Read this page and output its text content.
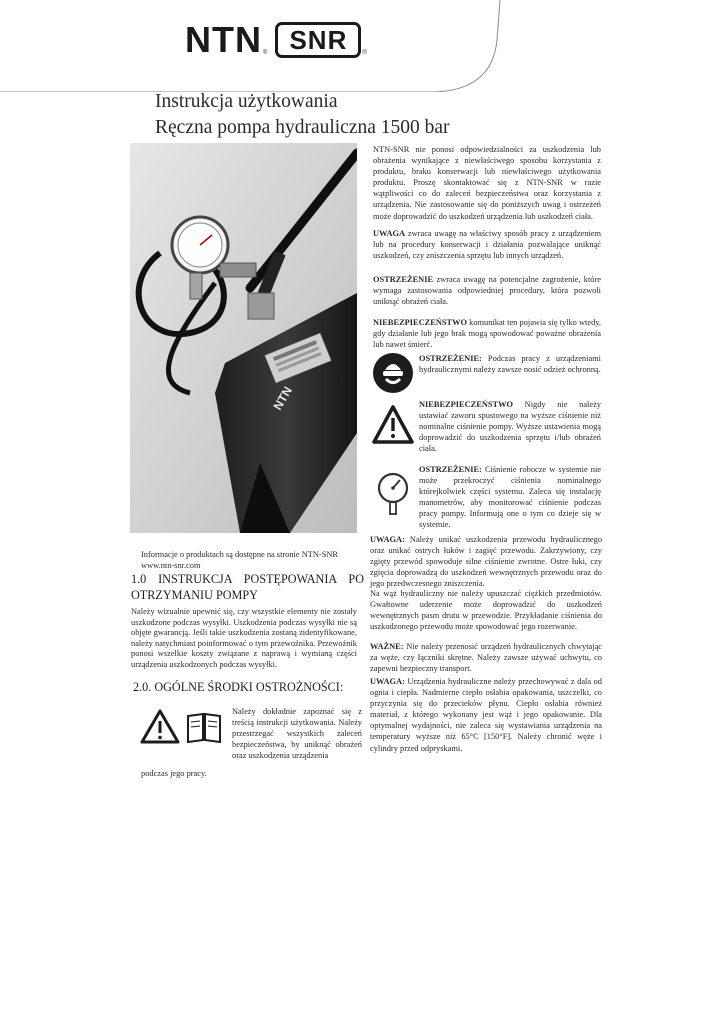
NTN ® SNR	®
Instrukcja użytkowania
Ręczna pompa hydrauliczna 1500 bar
NTN
NTN-SNR nie ponosi odpowiedzialności za uszkodzenia lub obrażenia wynikające z niewłaściwego sposobu korzystania z produktu, braku konserwacji lub niewłaściwego użytkowania produktu. Proszę skontaktować się z NTN-SNR w razie wątpliwości co do zaleceń bezpieczeństwa oraz korzystania z urządzenia. Nie zastosowanie się do poniższych uwag i ostrzeżeń może doprowadzić do uszkodzeń urządzenia lub uszkodzeń ciała.
UWAGA zwraca uwagę na właściwy sposób pracy z urządzeniem lub na procedury konserwacji i działania pozwalające uniknąć uszkodzeń, czy zniszczenia sprzętu lub innych urządzeń.
OSTRZEŻENIE zwraca uwagę na potencjalne zagrożenie, które wymaga zastosowania odpowiedniej procedury, która pozwoli uniknąć obrażeń ciała.
NIEBEZPIECZEŃSTWO komunikat ten pojawia się tylko wtedy, gdy działanie lub jego brak mogą spowodować poważne obrażenia lub nawet śmierć.
OSTRZEŻENIE: Podczas pracy z urządzeniami hydraulicznymi należy zawsze nosić odzież ochronną.
NIEBEZPIECZEŃSTWO Nigdy nie należy ustawiać zaworu spustowego na wyższe ciśnienie niż nominalne ciśnienie pompy. Wyższe ustawienia mogą doprowadzić do uszkodzenia sprzętu i/lub obrażeń ciała.
OSTRZEŻENIE: Ciśnienie robocze w systemie nie może przekroczyć ciśnienia nominalnego którejkolwiek części systemu. Zaleca się instalację manometrów, aby monitorować ciśnienie podczas pracy pompy. Informują one o tym co dzieje się w systemie.
Informacje o produktach są dostępne na stronie NTN-SNR
www.ntn-snr.com
1.0 INSTRUKCJA POSTĘPOWANIA PO OTRZYMANIU POMPY
Należy wizualnie upewnić się, czy wszystkie elementy nie zostały uszkodzone podczas wysyłki. Uszkodzenia podczas wysyłki nie są objęte gwarancją. Jeśli takie uszkodzenia zostaną zidentyfikowane, należy natychmiast poinformować o tym przewoźnika. Przewoźnik ponosi wszelkie koszty związane z naprawą i wymianą części urządzenia uszkodzonych podczas wysyłki.
2.0. OGÓLNE ŚRODKI OSTROŻNOŚCI:
Należy dokładnie zapoznać się z treścią instrukcji użytkowania. Należy przestrzegać wszystkich zaleceń bezpieczeństwa, by uniknąć obrażeń oraz uszkodzenia urządzenia
podczas jego pracy.
UWAGA: Należy unikać uszkodzenia przewodu hydraulicznego oraz unikać ostrych łuków i zagięć przewodu. Zakrzywiony, czy zgięty przewód spowoduje silne ciśnienie zwrotne. Ostre łuki, czy zgięcia doprowadzą do uszkodzeń wewnętrznych przewodu oraz do jego przedwczesnego zniszczenia.
Na wąż hydrauliczny nie należy upuszczać ciężkich przedmiotów. Gwałtowne uderzenie może doprowadzić do uszkodzeń wewnętrznych pasm drutu w przewodzie. Przykładanie ciśnienia do uszkodzonego przewodu może spowodować jego rozerwanie.
WAŻNE: Nie należy przenosić urządzeń hydraulicznych chwytając za węże, czy łączniki skrętne. Należy zawsze używać uchwytu, co zapewni bezpieczny transport.
UWAGA: Urządzenia hydrauliczne należy przechowywać z dala od ognia i ciepła. Nadmierne ciepło osłabia opakowania, uszczelki, co przyczynia się do przecieków płynu. Ciepło osłabia również materiał, z którego wykonany jest wąż i jego opakowanie. Dla optymalnej wydajności, nie zaleca się wystawiania urządzenia na temperatury wyższe niż 65°C [150°F]. Należy chronić węże i cylindry przed odpryskami.
